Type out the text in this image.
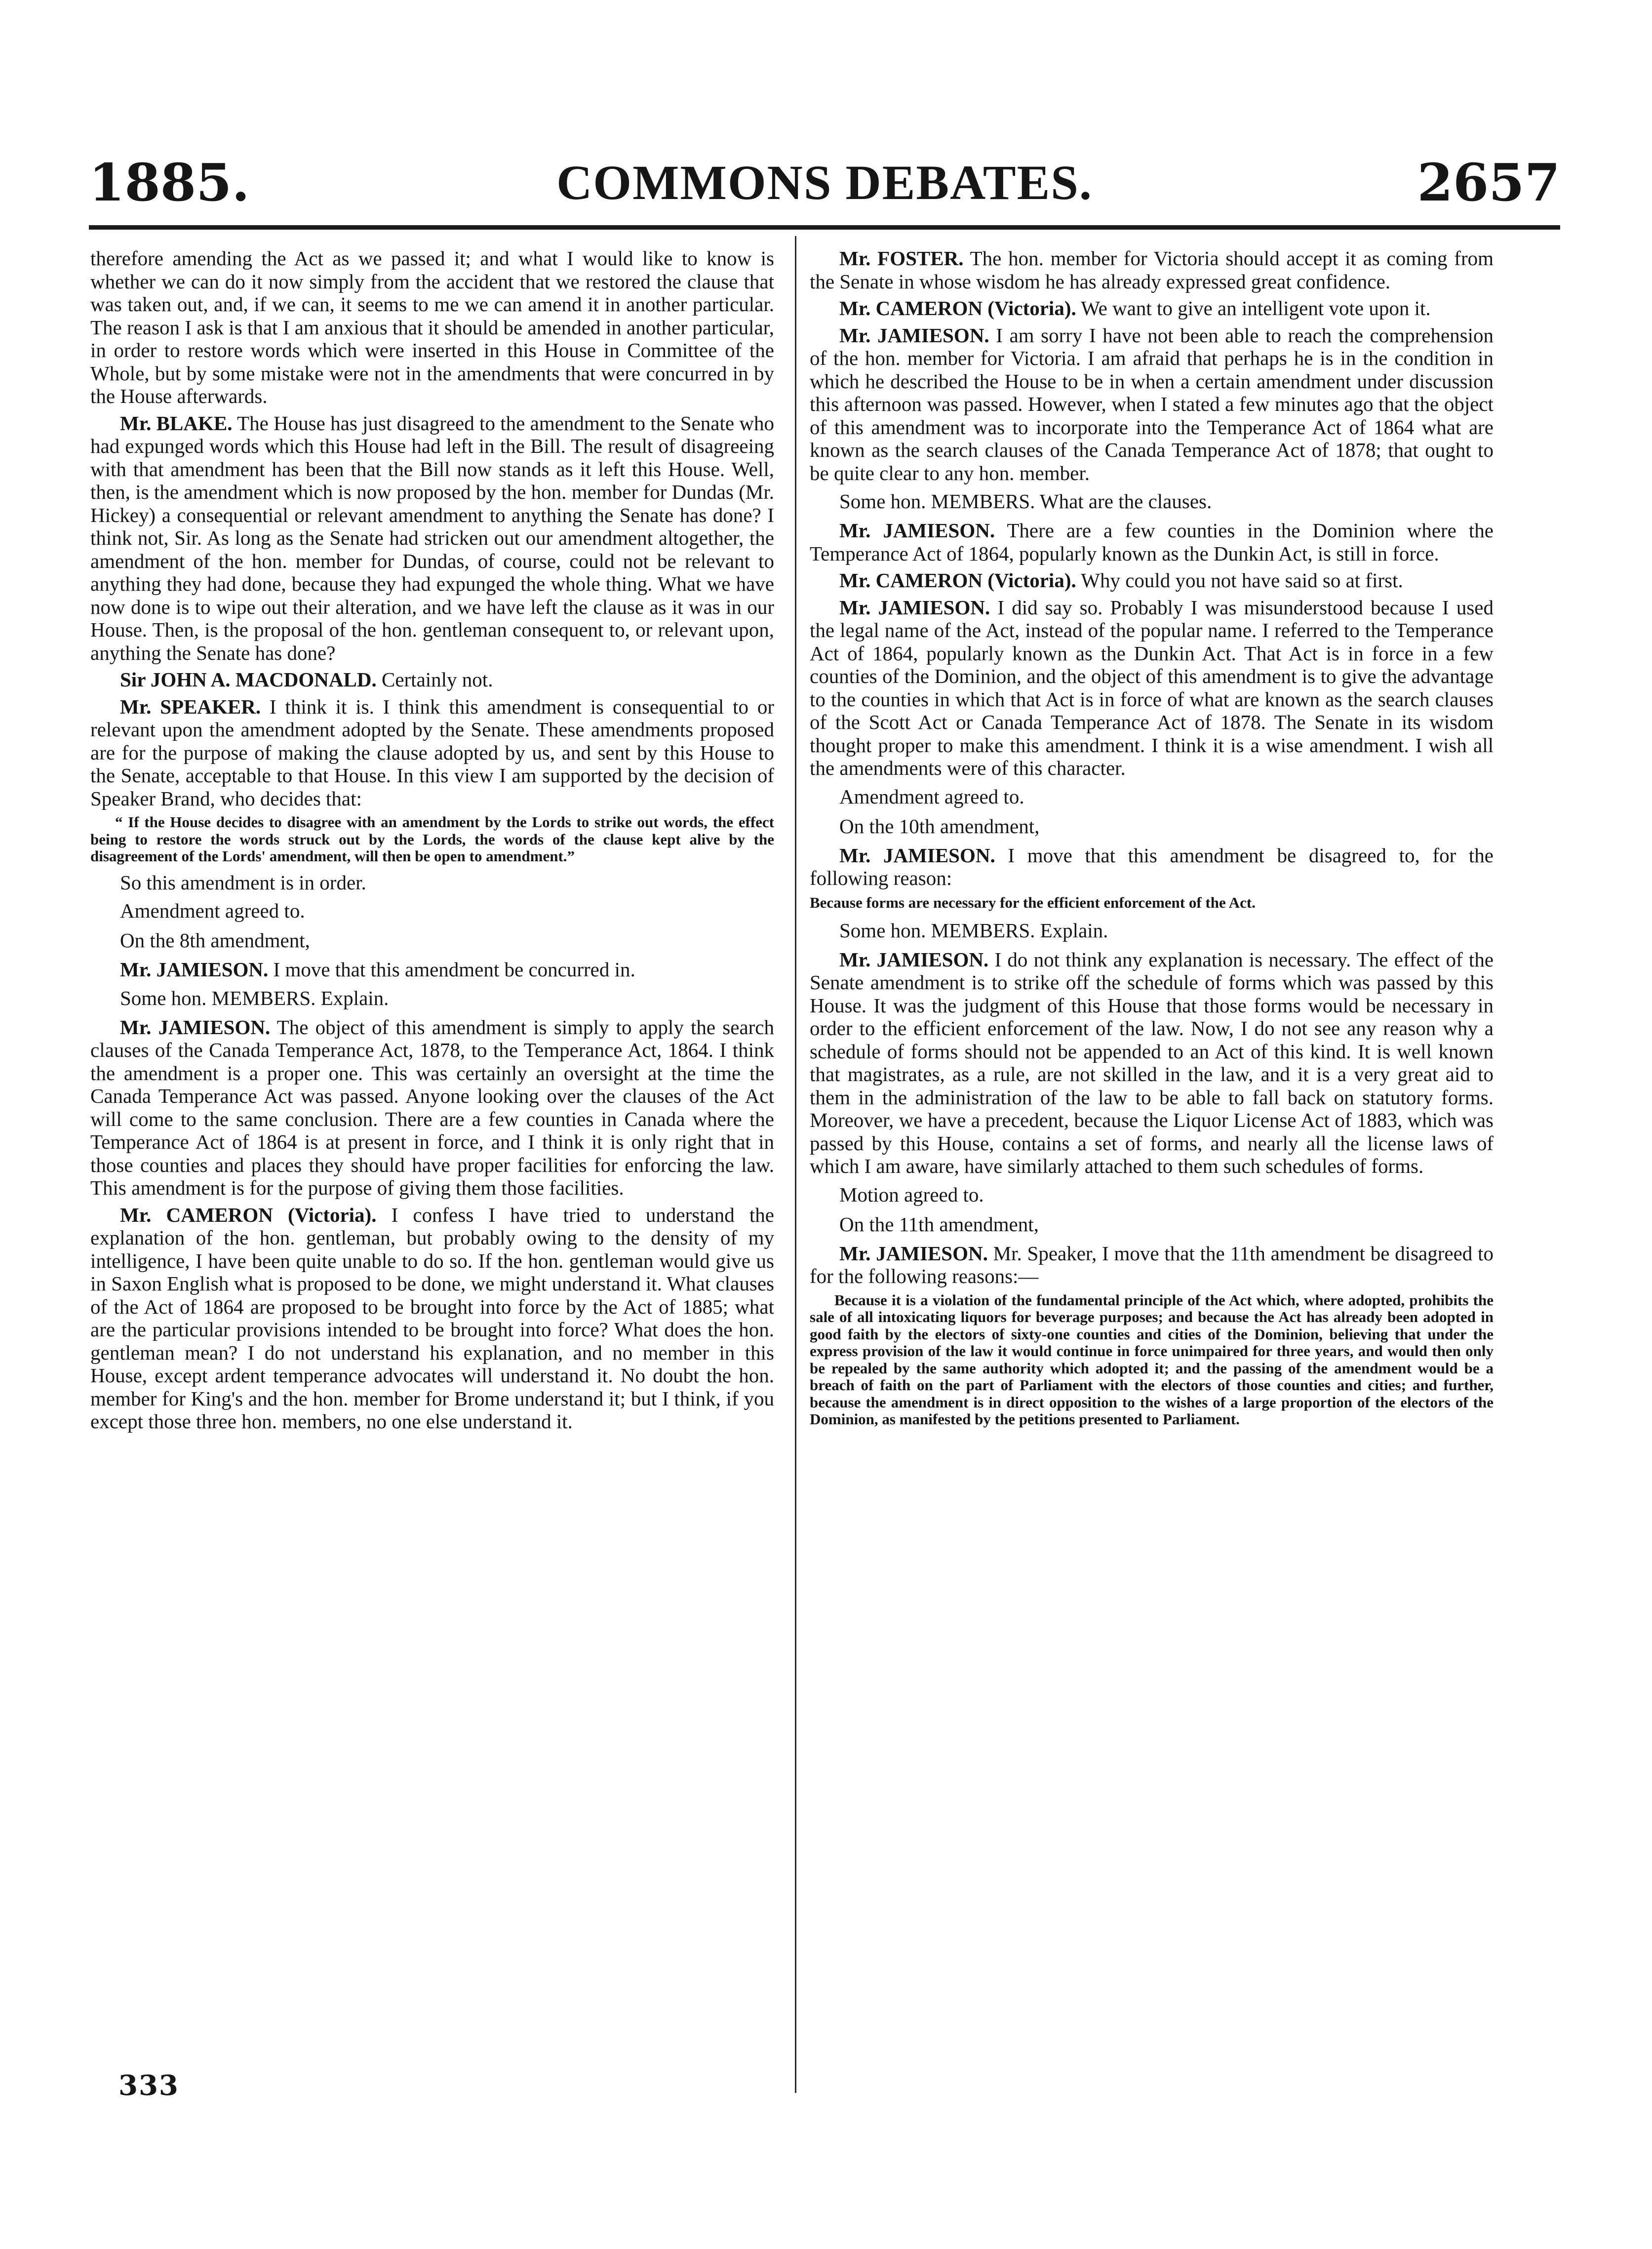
COMMONS DEBATES.
1885.	2657
therefore amending the Act as we passed it; and what I would like to know is whether we can do it now simply from the accident that we restored the clause that was taken out, and, if we can, it seems to me we can amend it in another particular. The reason I ask is that I am anxious that it should be amended in another particular, in order to restore words which were inserted in this House in Committee of the Whole, but by some mistake were not in the amendments that were concurred in by the House afterwards.
Mr. BLAKE. The House has just disagreed to the amendment to the Senate who had expunged words which this House had left in the Bill. The result of disagreeing with that amendment has been that the Bill now stands as it left this House. Well, then, is the amendment which is now proposed by the hon. member for Dundas (Mr. Hickey) a consequential or relevant amendment to anything the Senate has done? I think not, Sir. As long as the Senate had stricken out our amendment altogether, the amendment of the hon. member for Dundas, of course, could not be relevant to anything they had done, because they had expunged the whole thing. What we have now done is to wipe out their alteration, and we have left the clause as it was in our House. Then, is the proposal of the hon. gentleman consequent to, or relevant upon, anything the Senate has done?
Sir JOHN A. MACDONALD. Certainly not.
Mr. SPEAKER. I think it is. I think this amendment is consequential to or relevant upon the amendment adopted by the Senate. These amendments proposed are for the purpose of making the clause adopted by us, and sent by this House to the Senate, acceptable to that House. In this view I am supported by the decision of Speaker Brand, who decides that:
“ If the House decides to disagree with an amendment by the Lords to strike out words, the effect being to restore the words struck out by the Lords, the words of the clause kept alive by the disagreement of the Lords' amendment, will then be open to amendment.”
So this amendment is in order.
Amendment agreed to.
On the 8th amendment,
Mr. JAMIESON. I move that this amendment be concurred in.
Some hon. MEMBERS. Explain.
Mr. JAMIESON. The object of this amendment is simply to apply the search clauses of the Canada Temperance Act, 1878, to the Temperance Act, 1864. I think the amendment is a proper one. This was certainly an oversight at the time the Canada Temperance Act was passed. Anyone looking over the clauses of the Act will come to the same conclusion. There are a few counties in Canada where the Temperance Act of 1864 is at present in force, and I think it is only right that in those counties and places they should have proper facilities for enforcing the law. This amendment is for the purpose of giving them those facilities.
Mr. CAMERON (Victoria). I confess I have tried to understand the explanation of the hon. gentleman, but probably owing to the density of my intelligence, I have been quite unable to do so. If the hon. gentleman would give us in Saxon English what is proposed to be done, we might understand it. What clauses of the Act of 1864 are proposed to be brought into force by the Act of 1885; what are the particular provisions intended to be brought into force? What does the hon. gentleman mean? I do not understand his explanation, and no member in this House, except ardent temperance advocates will understand it. No doubt the hon. member for King's and the hon. member for Brome understand it; but I think, if you except those three hon. members, no one else understand it.
Mr. FOSTER. The hon. member for Victoria should accept it as coming from the Senate in whose wisdom he has already expressed great confidence.
Mr. CAMERON (Victoria). We want to give an intelligent vote upon it.
Mr. JAMIESON. I am sorry I have not been able to reach the comprehension of the hon. member for Victoria. I am afraid that perhaps he is in the condition in which he described the House to be in when a certain amendment under discussion this afternoon was passed. However, when I stated a few minutes ago that the object of this amendment was to incorporate into the Temperance Act of 1864 what are known as the search clauses of the Canada Temperance Act of 1878; that ought to be quite clear to any hon. member.
Some hon. MEMBERS. What are the clauses.
Mr. JAMIESON. There are a few counties in the Dominion where the Temperance Act of 1864, popularly known as the Dunkin Act, is still in force.
Mr. CAMERON (Victoria). Why could you not have said so at first.
Mr. JAMIESON. I did say so. Probably I was misunderstood because I used the legal name of the Act, instead of the popular name. I referred to the Temperance Act of 1864, popularly known as the Dunkin Act. That Act is in force in a few counties of the Dominion, and the object of this amendment is to give the advantage to the counties in which that Act is in force of what are known as the search clauses of the Scott Act or Canada Temperance Act of 1878. The Senate in its wisdom thought proper to make this amendment. I think it is a wise amendment. I wish all the amendments were of this character.
Amendment agreed to.
On the 10th amendment,
Mr. JAMIESON. I move that this amendment be disagreed to, for the following reason:
Because forms are necessary for the efficient enforcement of the Act.
Some hon. MEMBERS. Explain.
Mr. JAMIESON. I do not think any explanation is necessary. The effect of the Senate amendment is to strike off the schedule of forms which was passed by this House. It was the judgment of this House that those forms would be necessary in order to the efficient enforcement of the law. Now, I do not see any reason why a schedule of forms should not be appended to an Act of this kind. It is well known that magistrates, as a rule, are not skilled in the law, and it is a very great aid to them in the administration of the law to be able to fall back on statutory forms. Moreover, we have a precedent, because the Liquor License Act of 1883, which was passed by this House, contains a set of forms, and nearly all the license laws of which I am aware, have similarly attached to them such schedules of forms.
Motion agreed to.
On the 11th amendment,
Mr. JAMIESON. Mr. Speaker, I move that the 11th amendment be disagreed to for the following reasons:—
Because it is a violation of the fundamental principle of the Act which, where adopted, prohibits the sale of all intoxicating liquors for beverage purposes; and because the Act has already been adopted in good faith by the electors of sixty-one counties and cities of the Dominion, believing that under the express provision of the law it would continue in force unimpaired for three years, and would then only be repealed by the same authority which adopted it; and the passing of the amendment would be a breach of faith on the part of Parliament with the electors of those counties and cities; and further, because the amendment is in direct opposition to the wishes of a large proportion of the electors of the Dominion, as manifested by the petitions presented to Parliament.
333
